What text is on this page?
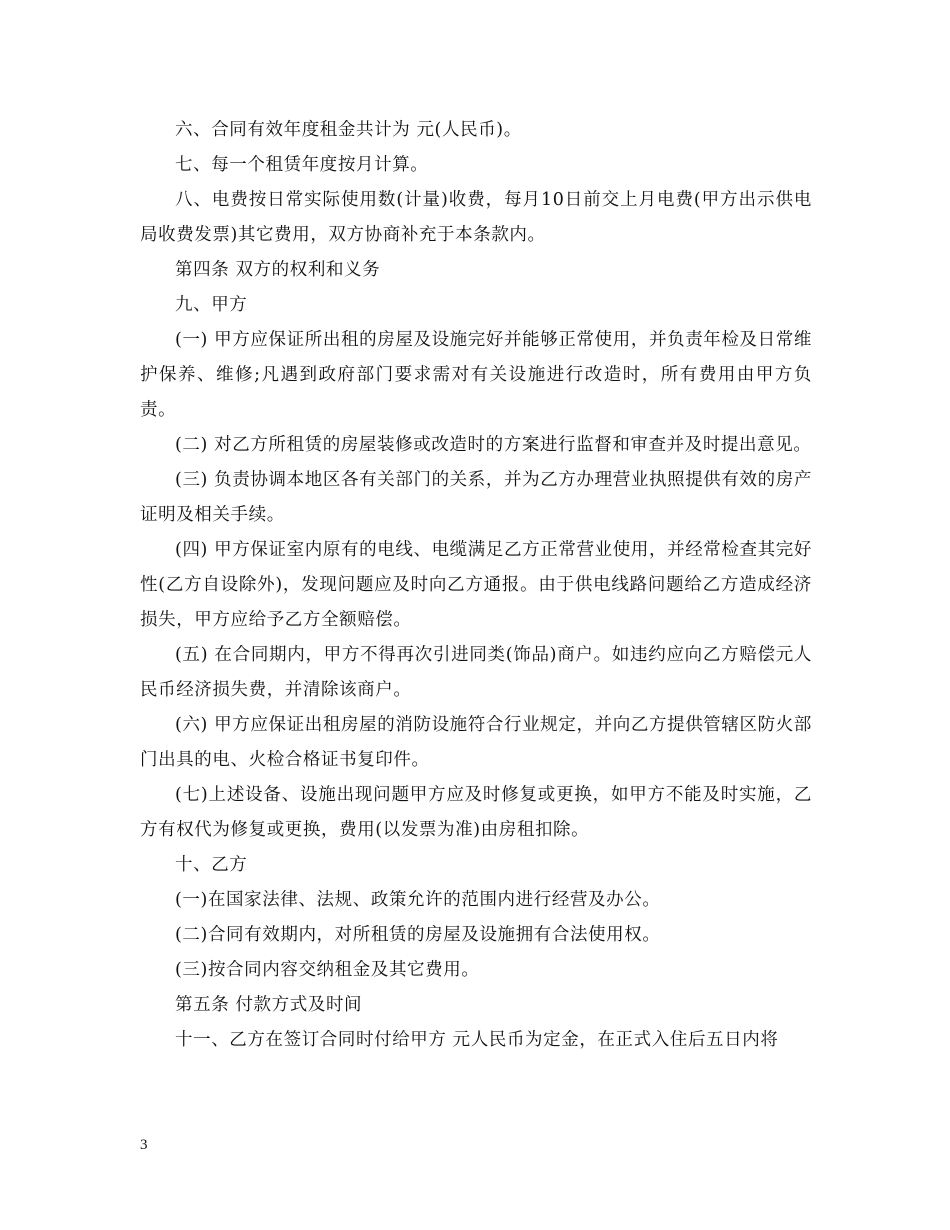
六、合同有效年度租金共计为 元(人民币)。

七、每一个租赁年度按月计算。

八、电费按日常实际使用数(计量)收费，每月10日前交上月电费(甲方出示供电局收费发票)其它费用，双方协商补充于本条款内。

第四条 双方的权利和义务

九、甲方

(一) 甲方应保证所出租的房屋及设施完好并能够正常使用，并负责年检及日常维护保养、维修;凡遇到政府部门要求需对有关设施进行改造时，所有费用由甲方负责。

(二) 对乙方所租赁的房屋装修或改造时的方案进行监督和审查并及时提出意见。

(三) 负责协调本地区各有关部门的关系，并为乙方办理营业执照提供有效的房产证明及相关手续。

(四) 甲方保证室内原有的电线、电缆满足乙方正常营业使用，并经常检查其完好性(乙方自设除外)，发现问题应及时向乙方通报。由于供电线路问题给乙方造成经济损失，甲方应给予乙方全额赔偿。

(五) 在合同期内，甲方不得再次引进同类(饰品)商户。如违约应向乙方赔偿元人民币经济损失费，并清除该商户。

(六) 甲方应保证出租房屋的消防设施符合行业规定，并向乙方提供管辖区防火部门出具的电、火检合格证书复印件。

(七)上述设备、设施出现问题甲方应及时修复或更换，如甲方不能及时实施，乙方有权代为修复或更换，费用(以发票为准)由房租扣除。

十、乙方

(一)在国家法律、法规、政策允许的范围内进行经营及办公。

(二)合同有效期内，对所租赁的房屋及设施拥有合法使用权。

(三)按合同内容交纳租金及其它费用。

第五条 付款方式及时间

十一、乙方在签订合同时付给甲方 元人民币为定金，在正式入住后五日内将

3
